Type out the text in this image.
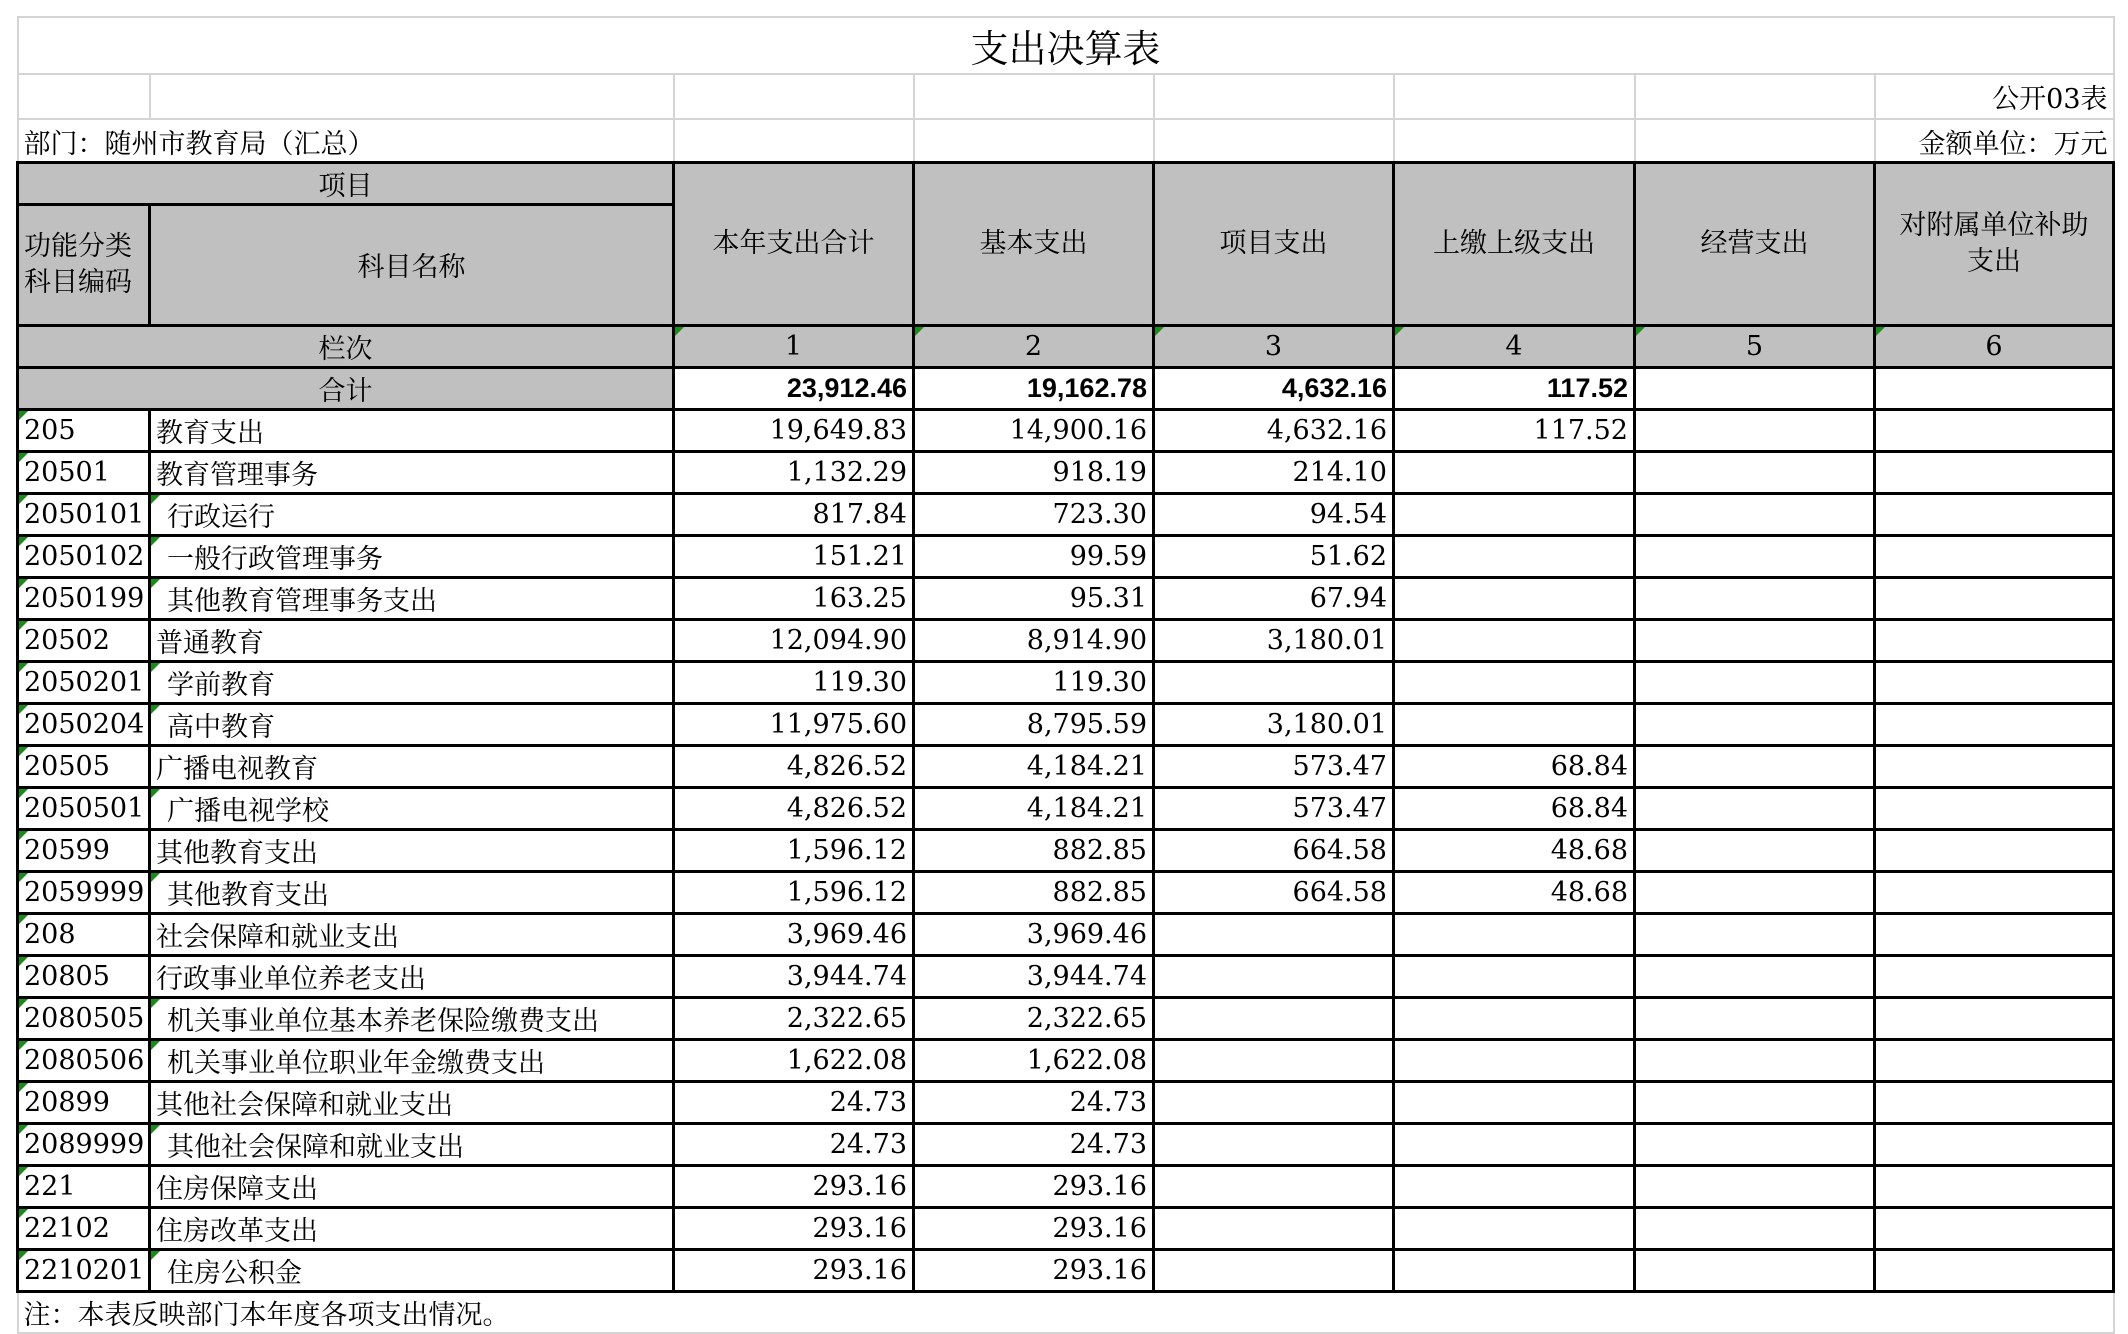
支出决算表							

							公开03表
部门：随州市教育局（汇总）							金额单位：万元
项目		本年支出合计	基本支出	项目支出	上缴上级支出	经营支出	对附属单位补助支出
功能分类科目编码	科目名称						
栏次		1	2	3	4	5	6
合计		23,912.46	19,162.78	4,632.16	117.52		
205	教育支出	19,649.83	14,900.16	4,632.16	117.52		
20501	教育管理事务	1,132.29	918.19	214.10			
2050101	行政运行	817.84	723.30	94.54			
2050102	一般行政管理事务	151.21	99.59	51.62			
2050199	其他教育管理事务支出	163.25	95.31	67.94			
20502	普通教育	12,094.90	8,914.90	3,180.01			
2050201	学前教育	119.30	119.30				
2050204	高中教育	11,975.60	8,795.59	3,180.01			
20505	广播电视教育	4,826.52	4,184.21	573.47	68.84		
2050501	广播电视学校	4,826.52	4,184.21	573.47	68.84		
20599	其他教育支出	1,596.12	882.85	664.58	48.68		
2059999	其他教育支出	1,596.12	882.85	664.58	48.68		
208	社会保障和就业支出	3,969.46	3,969.46				
20805	行政事业单位养老支出	3,944.74	3,944.74				
2080505	机关事业单位基本养老保险缴费支出	2,322.65	2,322.65				
2080506	机关事业单位职业年金缴费支出	1,622.08	1,622.08				
20899	其他社会保障和就业支出	24.73	24.73				
2089999	其他社会保障和就业支出	24.73	24.73				
221	住房保障支出	293.16	293.16				
22102	住房改革支出	293.16	293.16				
2210201	住房公积金	293.16	293.16				
注：本表反映部门本年度各项支出情况。							
